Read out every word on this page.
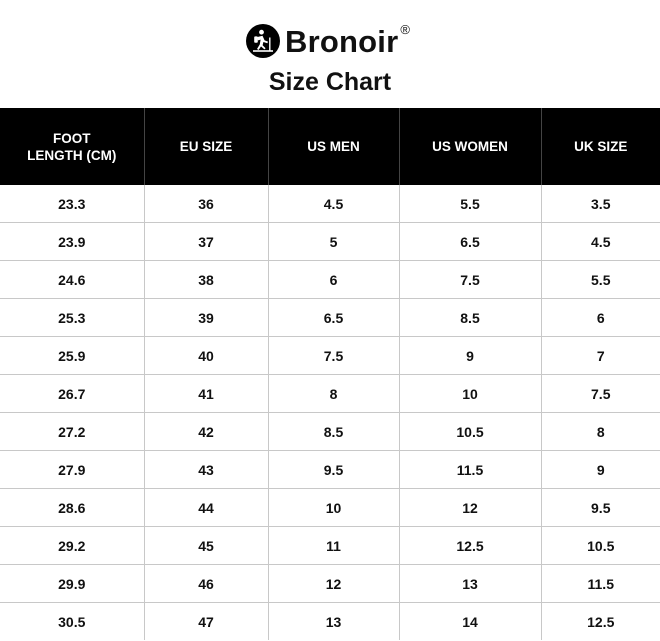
Bronoir ®
Size Chart
FOOT
LENGTH (CM)	EU SIZE	US MEN	US WOMEN	UK SIZE
23.3	36	4.5	5.5	3.5
23.9	37	5	6.5	4.5
24.6	38	6	7.5	5.5
25.3	39	6.5	8.5	6
25.9	40	7.5	9	7
26.7	41	8	10	7.5
27.2	42	8.5	10.5	8
27.9	43	9.5	11.5	9
28.6	44	10	12	9.5
29.2	45	11	12.5	10.5
29.9	46	12	13	11.5
30.5	47	13	14	12.5
